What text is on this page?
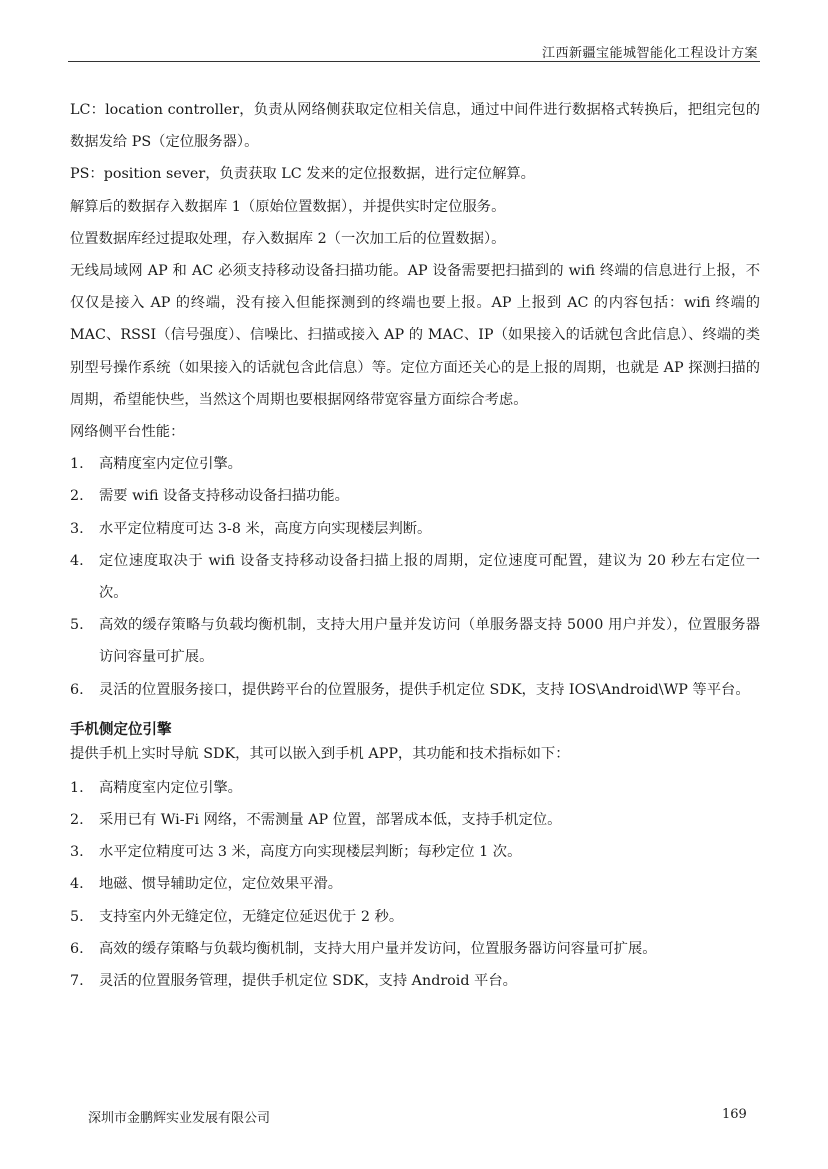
江西新疆宝能城智能化工程设计方案

LC：location controller，负责从网络侧获取定位相关信息，通过中间件进行数据格式转换后，把组完包的数据发给 PS（定位服务器）。

PS：position sever，负责获取 LC 发来的定位报数据，进行定位解算。

解算后的数据存入数据库 1（原始位置数据），并提供实时定位服务。

位置数据库经过提取处理，存入数据库 2（一次加工后的位置数据）。

无线局域网 AP 和 AC 必须支持移动设备扫描功能。AP 设备需要把扫描到的 wifi 终端的信息进行上报，不仅仅是接入 AP 的终端，没有接入但能探测到的终端也要上报。AP 上报到 AC 的内容包括：wifi 终端的 MAC、RSSI（信号强度）、信噪比、扫描或接入 AP 的 MAC、IP（如果接入的话就包含此信息）、终端的类别型号操作系统（如果接入的话就包含此信息）等。定位方面还关心的是上报的周期，也就是 AP 探测扫描的周期，希望能快些，当然这个周期也要根据网络带宽容量方面综合考虑。

网络侧平台性能：

1.	高精度室内定位引擎。
2.	需要 wifi 设备支持移动设备扫描功能。
3.	水平定位精度可达 3-8 米，高度方向实现楼层判断。
4.	定位速度取决于 wifi 设备支持移动设备扫描上报的周期，定位速度可配置，建议为 20 秒左右定位一次。
5.	高效的缓存策略与负载均衡机制，支持大用户量并发访问（单服务器支持 5000 用户并发），位置服务器访问容量可扩展。
6.	灵活的位置服务接口，提供跨平台的位置服务，提供手机定位 SDK，支持 IOS\Android\WP 等平台。
手机侧定位引擎

提供手机上实时导航 SDK，其可以嵌入到手机 APP，其功能和技术指标如下：

1.	高精度室内定位引擎。
2.	采用已有 Wi-Fi 网络，不需测量 AP 位置，部署成本低，支持手机定位。
3.	水平定位精度可达 3 米，高度方向实现楼层判断；每秒定位 1 次。
4.	地磁、惯导辅助定位，定位效果平滑。
5.	支持室内外无缝定位，无缝定位延迟优于 2 秒。
6.	高效的缓存策略与负载均衡机制，支持大用户量并发访问，位置服务器访问容量可扩展。
7.	灵活的位置服务管理，提供手机定位 SDK，支持 Android 平台。
深圳市金鹏辉实业发展有限公司	169
